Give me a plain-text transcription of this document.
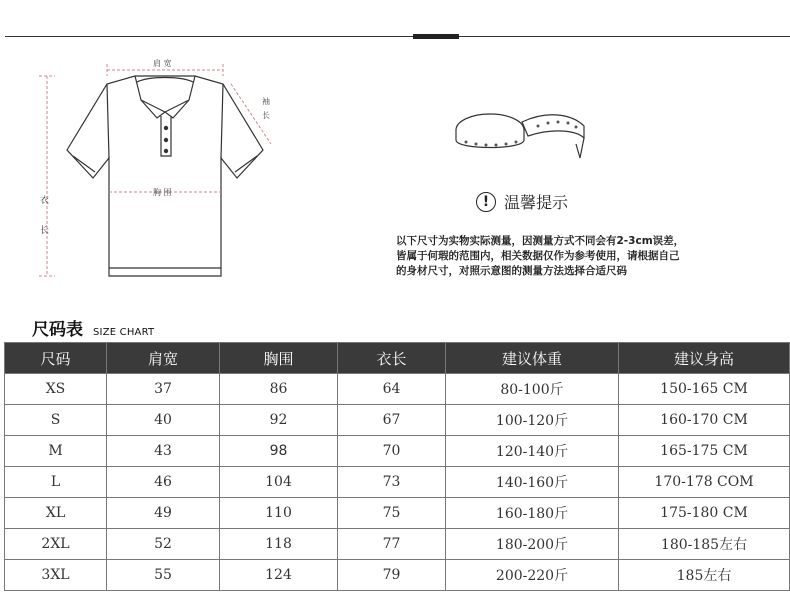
肩 宽
袖
长
胸 围
衣
长
! 温馨提示
以下尺寸为实物实际测量，因测量方式不同会有2-3cm误差，
皆属于何瑕的范围内，相关数据仅作为参考使用，请根据自己
的身材尺寸，对照示意图的测量方法选择合适尺码
尺码表 SIZE CHART
尺码	肩宽	胸围	衣长	建议体重	建议身高
XS	37	86	64	80-100斤	150-165 CM
S	40	92	67	100-120斤	160-170 CM
M	43	98	70	120-140斤	165-175 CM
L	46	104	73	140-160斤	170-178 COM
XL	49	110	75	160-180斤	175-180 CM
2XL	52	118	77	180-200斤	180-185左右
3XL	55	124	79	200-220斤	185左右
